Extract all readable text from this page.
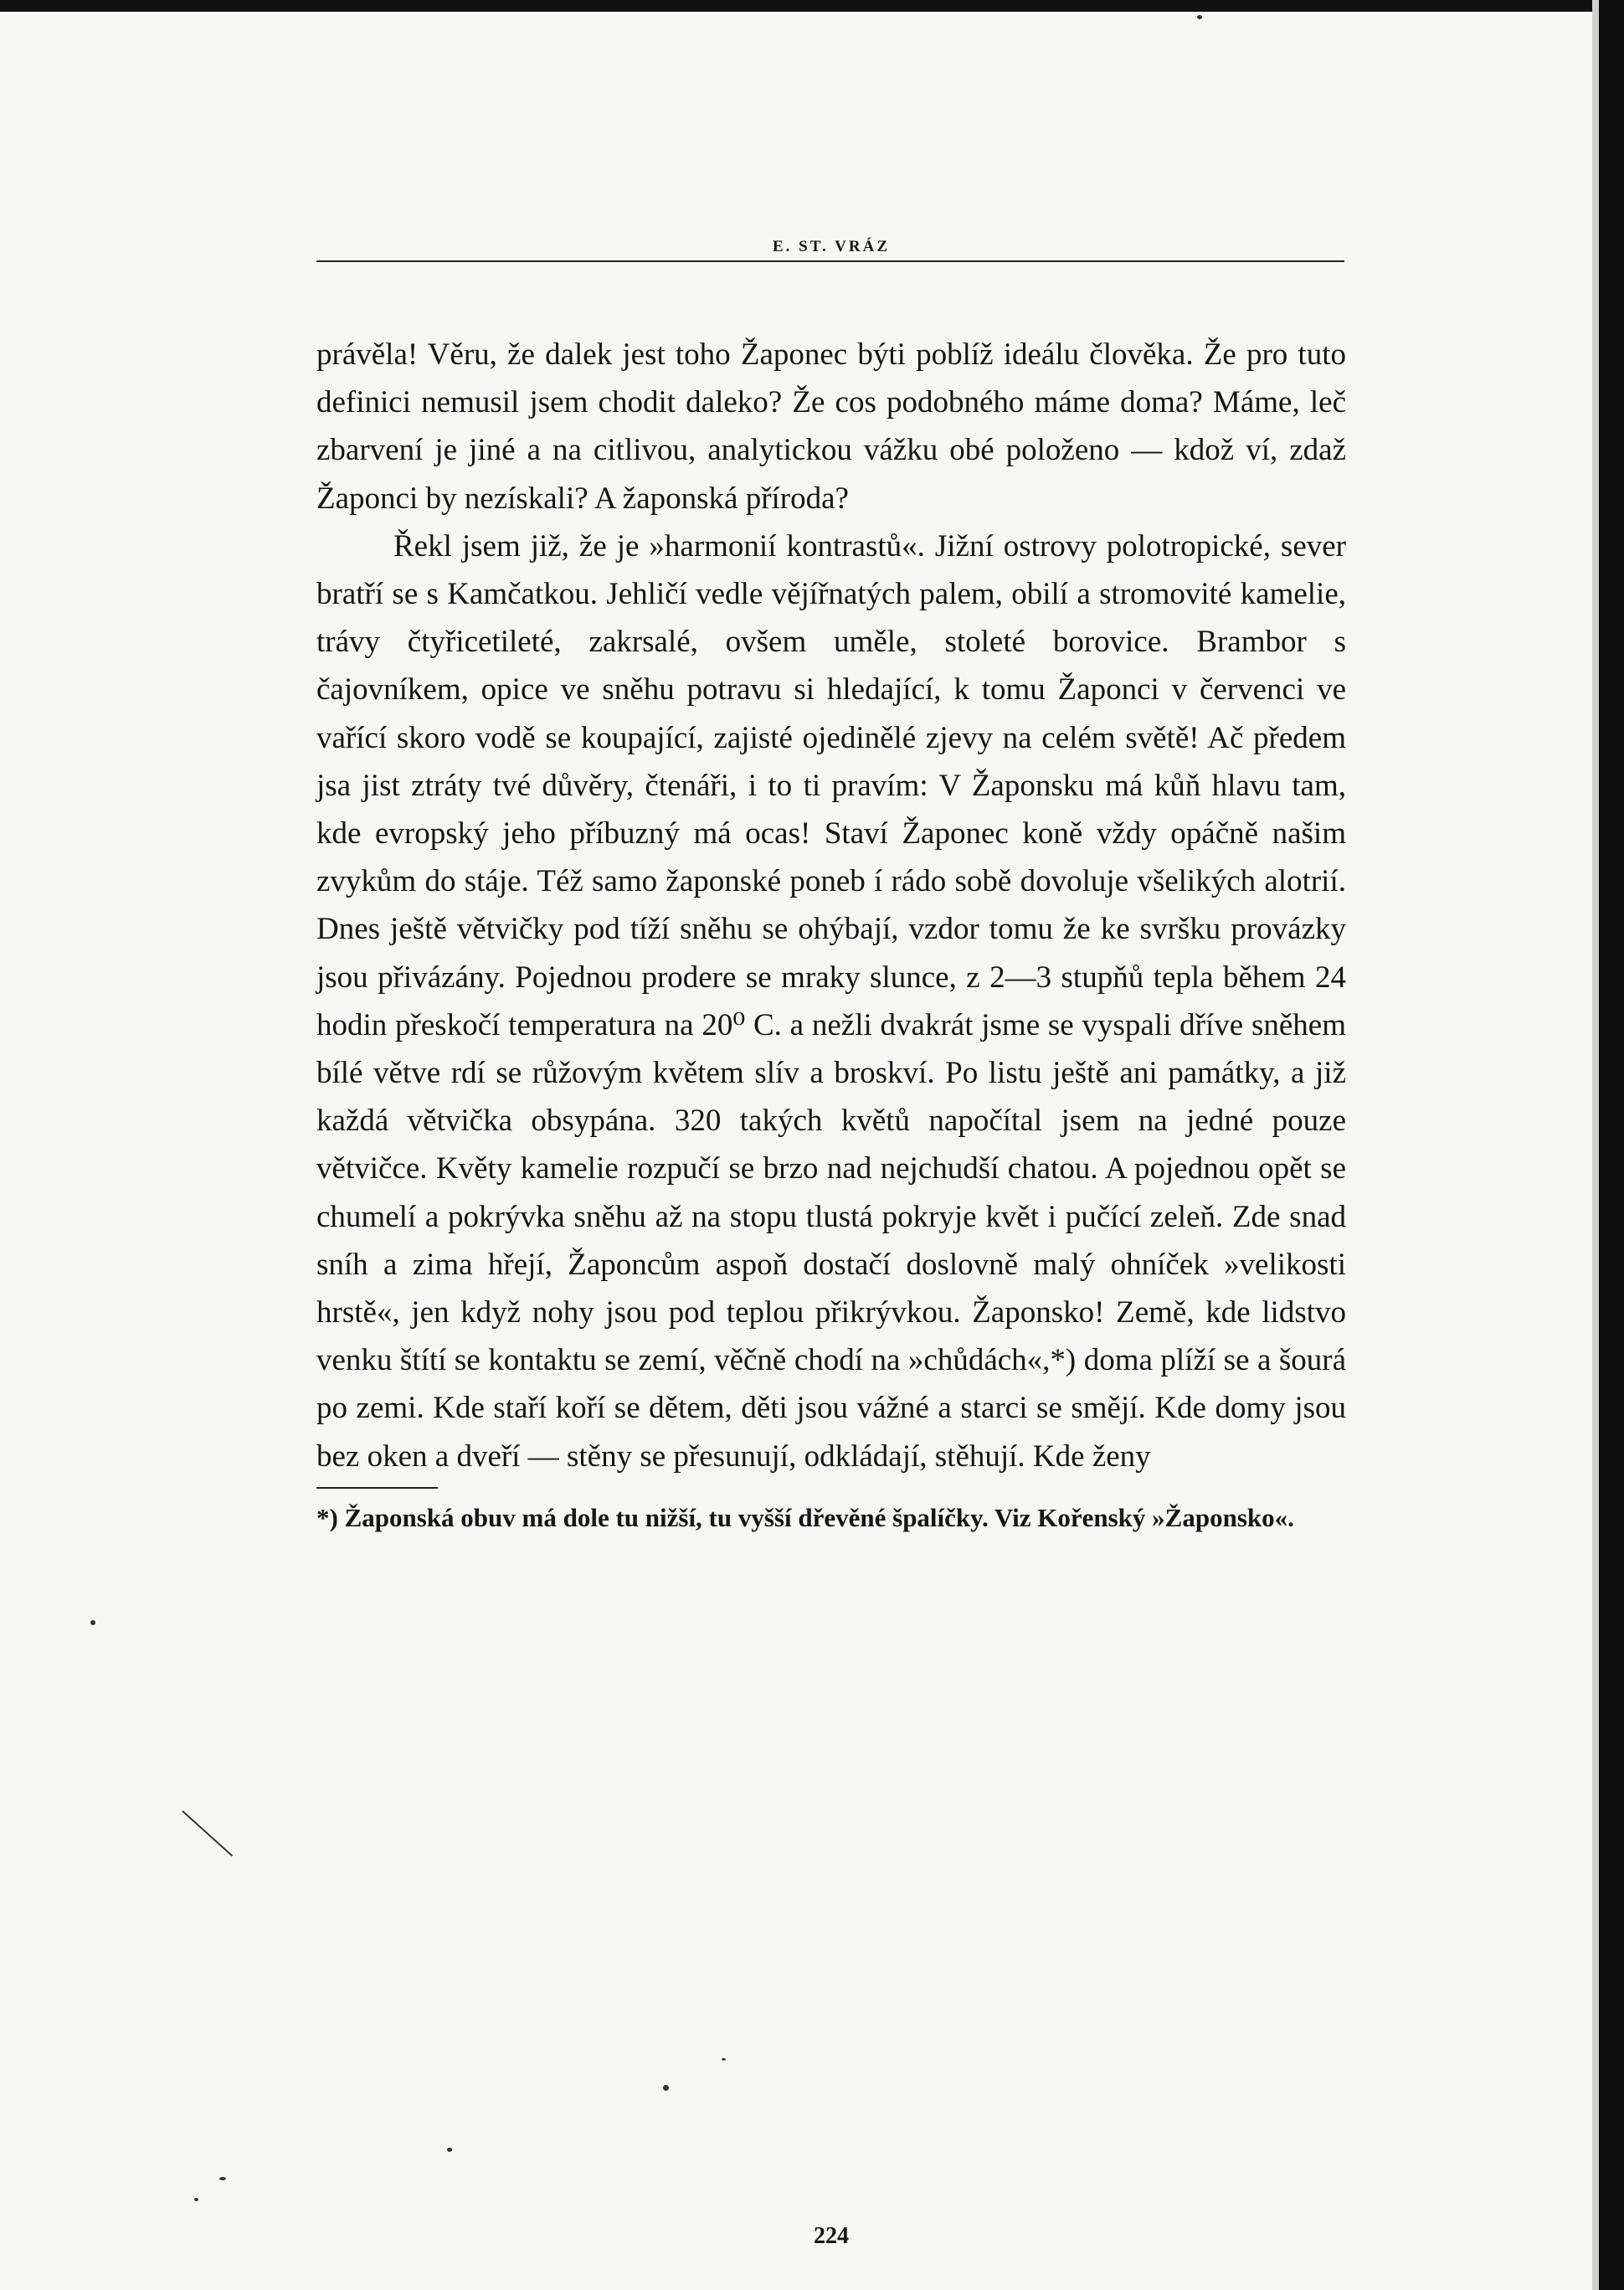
E. ST. VRÁZ

právěla! Věru, že dalek jest toho Žaponec býti poblíž ideálu člověka. Že pro tuto definici nemusil jsem chodit daleko? Že cos podobného máme doma? Máme, leč zbarvení je jiné a na citlivou, analytickou vážku obé položeno — kdož ví, zdaž Žaponci by nezískali? A žaponská příroda?

Řekl jsem již, že je »harmonií kontrastů«. Jižní ostrovy polotropické, sever bratří se s Kamčatkou. Jehličí vedle vějířnatých palem, obilí a stromovité kamelie, trávy čtyřicetileté, zakrsalé, ovšem uměle, stoleté borovice. Brambor s čajovníkem, opice ve sněhu potravu si hledající, k tomu Žaponci v červenci ve vařící skoro vodě se koupající, zajisté ojedinělé zjevy na celém světě! Ač předem jsa jist ztráty tvé důvěry, čtenáři, i to ti pravím: V Žaponsku má kůň hlavu tam, kde evropský jeho příbuzný má ocas! Staví Žaponec koně vždy opáčně našim zvykům do stáje. Též samo žaponské poneb í rádo sobě dovoluje všelikých alotrií. Dnes ještě větvičky pod tíží sněhu se ohýbají, vzdor tomu že ke svršku provázky jsou přivázány. Pojednou prodere se mraky slunce, z 2—3 stupňů tepla během 24 hodin přeskočí temperatura na 20⁰ C. a nežli dvakrát jsme se vyspali dříve sněhem bílé větve rdí se růžovým květem slív a broskví. Po listu ještě ani památky, a již každá větvička obsypána. 320 takých květů napočítal jsem na jedné pouze větvičce. Květy kamelie rozpučí se brzo nad nejchudší chatou. A pojednou opět se chumelí a pokrývka sněhu až na stopu tlustá pokryje květ i pučící zeleň. Zde snad sníh a zima hřejí, Žaponcům aspoň dostačí doslovně malý ohníček »velikosti hrstě«, jen když nohy jsou pod teplou přikrývkou. Žaponsko! Země, kde lidstvo venku štítí se kontaktu se zemí, věčně chodí na »chůdách«,*) doma plíží se a šourá po zemi. Kde staří koří se dětem, děti jsou vážné a starci se smějí. Kde domy jsou bez oken a dveří — stěny se přesunují, odkládají, stěhují. Kde ženy

*) Žaponská obuv má dole tu nižší, tu vyšší dřevěné špalíčky. Viz Kořenský »Žaponsko«.
224
